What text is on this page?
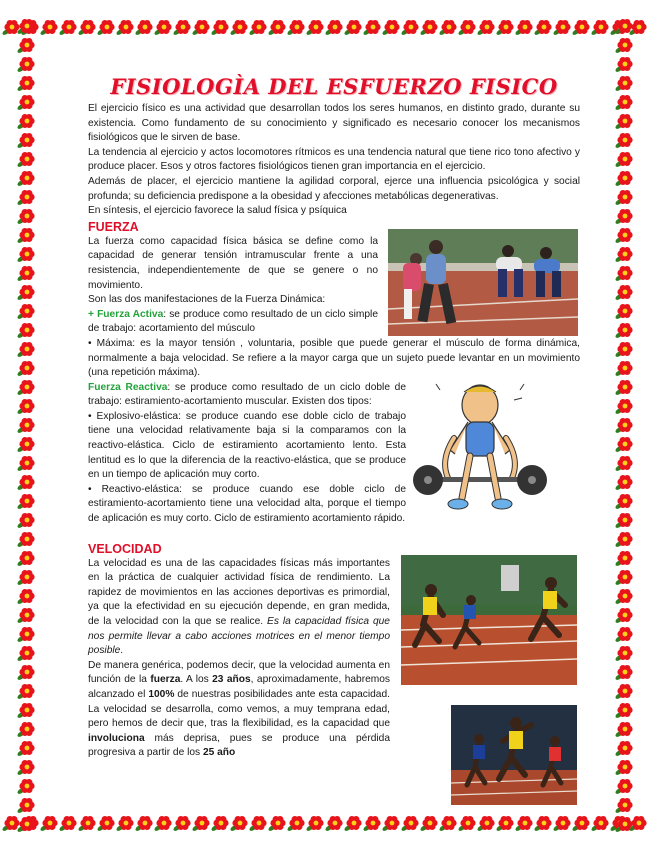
FISIOLOGÌA DEL ESFUERZO FISICO

El ejercicio físico es una actividad que desarrollan todos los seres humanos, en distinto grado, durante su existencia. Como fundamento de su conocimiento y significado es necesario conocer los mecanismos fisiológicos que le sirven de base.

La tendencia al ejercicio y actos locomotores rítmicos es una tendencia natural que tiene rico tono afectivo y produce placer. Esos y otros factores fisiológicos tienen gran importancia en el ejercicio.

Además de placer, el ejercicio mantiene la agilidad corporal, ejerce una influencia psicológica y social profunda; su deficiencia predispone a la obesidad y afecciones metabólicas degenerativas.

En síntesis, el ejercicio favorece la salud física y psíquica

FUERZA

La fuerza como capacidad física básica se define como la capacidad de generar tensión intramuscular frente a una resistencia, independientemente de que se genere o no movimiento.

Son las dos manifestaciones de la Fuerza Dinámica:

+ Fuerza Activa: se produce como resultado de un ciclo simple de trabajo: acortamiento del músculo

• Máxima: es la mayor tensión , voluntaria, posible que puede generar el músculo de forma dinámica, normalmente a baja velocidad. Se refiere a la mayor carga que un sujeto puede levantar en un movimiento (una repetición máxima).

Fuerza Reactiva: se produce como resultado de un ciclo doble de trabajo: estiramiento-acortamiento muscular. Existen dos tipos:

• Explosivo-elástica: se produce cuando ese doble ciclo de trabajo tiene una velocidad relativamente baja si la comparamos con la reactivo-elástica. Ciclo de estiramiento acortamiento lento. Esta lentitud es lo que la diferencia de la reactivo-elástica, que se produce en un tiempo de aplicación muy corto.

• Reactivo-elástica: se produce cuando ese doble ciclo de estiramiento-acortamiento tiene una velocidad alta, porque el tiempo de aplicación es muy corto. Ciclo de estiramiento acortamiento rápido.

VELOCIDAD

La velocidad es una de las capacidades físicas más importantes en la práctica de cualquier actividad física de rendimiento. La rapidez de movimientos en las acciones deportivas es primordial, ya que la efectividad en su ejecución depende, en gran medida, de la velocidad con la que se realice. Es la capacidad física que nos permite llevar a cabo acciones motrices en el menor tiempo posible.

De manera genérica, podemos decir, que la velocidad aumenta en función de la fuerza. A los 23 años, aproximadamente, habremos alcanzado el 100% de nuestras posibilidades ante esta capacidad. La velocidad se desarrolla, como vemos, a muy temprana edad, pero hemos de decir que, tras la flexibilidad, es la capacidad que involuciona más deprisa, pues se produce una pérdida progresiva a partir de los 25 año
